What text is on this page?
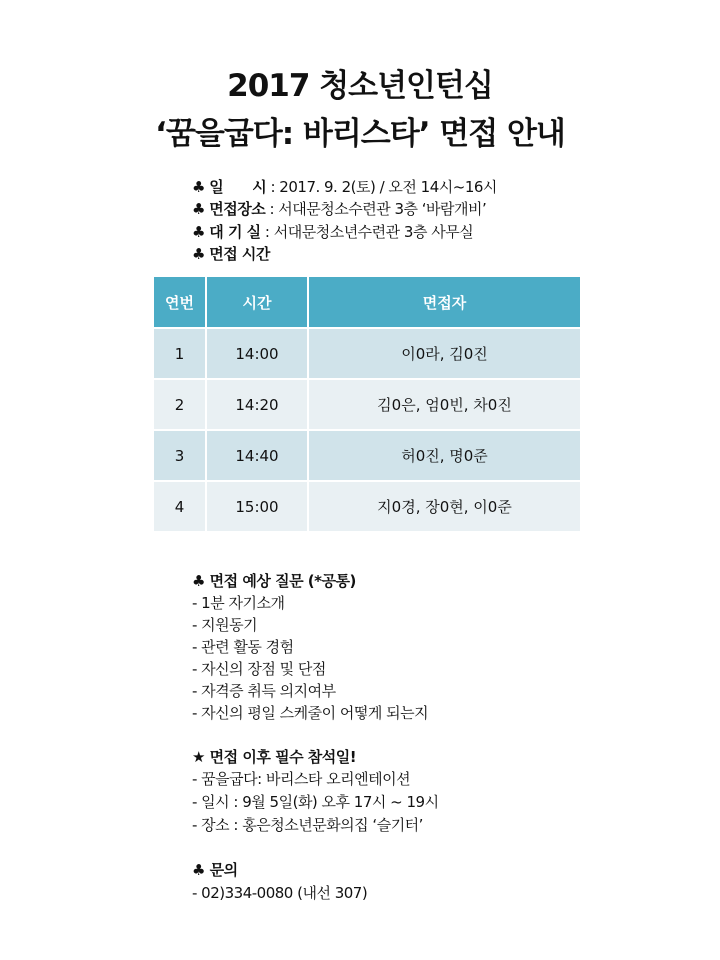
2017 청소년인턴십
‘꿈을굽다: 바리스타’ 면접 안내
♣ 일　　시 : 2017. 9. 2(토) / 오전 14시~16시
♣ 면접장소 : 서대문청소수련관 3층 ‘바람개비’
♣ 대 기 실 : 서대문청소년수련관 3층 사무실
♣ 면접 시간
연번	시간	면접자
1	14:00	이0라, 김0진
2	14:20	김0은, 엄0빈, 차0진
3	14:40	허0진, 명0준
4	15:00	지0경, 장0현, 이0준
♣ 면접 예상 질문 (*공통)
- 1분 자기소개
- 지원동기
- 관련 활동 경험
- 자신의 장점 및 단점
- 자격증 취득 의지여부
- 자신의 평일 스케줄이 어떻게 되는지
★ 면접 이후 필수 참석일!
- 꿈을굽다: 바리스타 오리엔테이션
- 일시 : 9월 5일(화) 오후 17시 ~ 19시
- 장소 : 홍은청소년문화의집 ‘슬기터’
♣ 문의
- 02)334-0080 (내선 307)
